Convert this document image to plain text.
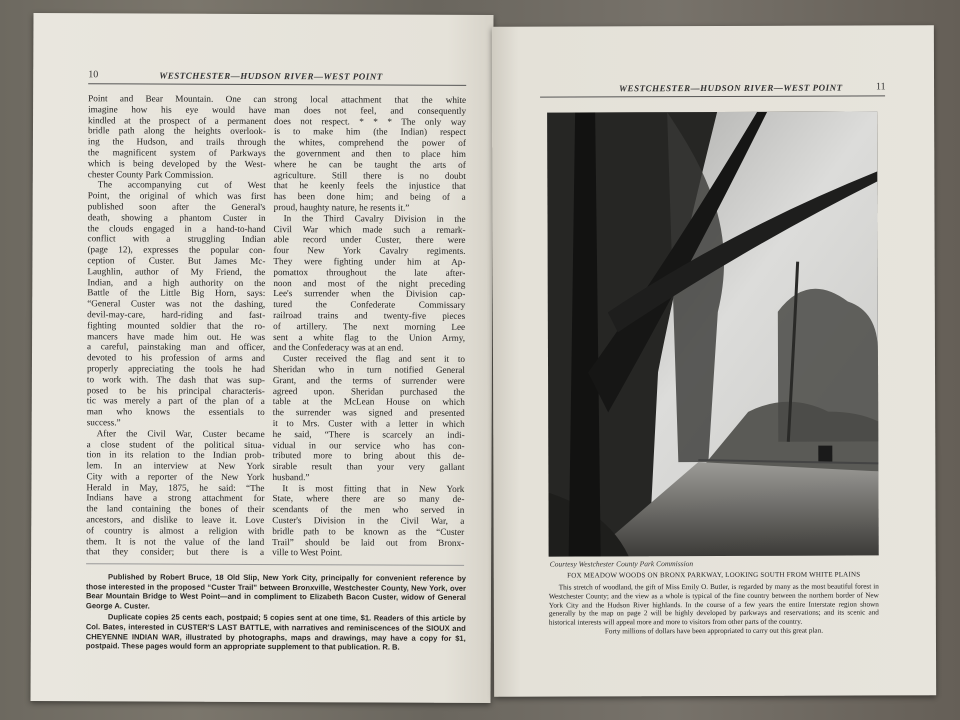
10	WESTCHESTER—HUDSON RIVER—WEST POINT
Point and Bear Mountain. One can
imagine how his eye would have
kindled at the prospect of a permanent
bridle path along the heights overlook-
ing the Hudson, and trails through
the magnificent system of Parkways
which is being developed by the West-
chester County Park Commission.
The accompanying cut of West
Point, the original of which was first
published soon after the General's
death, showing a phantom Custer in
the clouds engaged in a hand-to-hand
conflict with a struggling Indian
(page 12), expresses the popular con-
ception of Custer. But James Mc-
Laughlin, author of My Friend, the
Indian, and a high authority on the
Battle of the Little Big Horn, says:
“General Custer was not the dashing,
devil-may-care, hard-riding and fast-
fighting mounted soldier that the ro-
mancers have made him out. He was
a careful, painstaking man and officer,
devoted to his profession of arms and
properly appreciating the tools he had
to work with. The dash that was sup-
posed to be his principal characteris-
tic was merely a part of the plan of a
man who knows the essentials to
success.”
After the Civil War, Custer became
a close student of the political situa-
tion in its relation to the Indian prob-
lem. In an interview at New York
City with a reporter of the New York
Herald in May, 1875, he said: “The
Indians have a strong attachment for
the land containing the bones of their
ancestors, and dislike to leave it. Love
of country is almost a religion with
them. It is not the value of the land
that they consider; but there is a
strong local attachment that the white
man does not feel, and consequently
does not respect. * * * The only way
is to make him (the Indian) respect
the whites, comprehend the power of
the government and then to place him
where he can be taught the arts of
agriculture. Still there is no doubt
that he keenly feels the injustice that
has been done him; and being of a
proud, haughty nature, he resents it.”
In the Third Cavalry Division in the
Civil War which made such a remark-
able record under Custer, there were
four New York Cavalry regiments.
They were fighting under him at Ap-
pomattox throughout the late after-
noon and most of the night preceding
Lee's surrender when the Division cap-
tured the Confederate Commissary
railroad trains and twenty-five pieces
of artillery. The next morning Lee
sent a white flag to the Union Army,
and the Confederacy was at an end.
Custer received the flag and sent it to
Sheridan who in turn notified General
Grant, and the terms of surrender were
agreed upon. Sheridan purchased the
table at the McLean House on which
the surrender was signed and presented
it to Mrs. Custer with a letter in which
he said, “There is scarcely an indi-
vidual in our service who has con-
tributed more to bring about this de-
sirable result than your very gallant
husband.”
It is most fitting that in New York
State, where there are so many de-
scendants of the men who served in
Custer's Division in the Civil War, a
bridle path to be known as the “Custer
Trail” should be laid out from Bronx-
ville to West Point.

Published by Robert Bruce, 18 Old Slip, New York City, principally for convenient reference by those interested in the proposed “Custer Trail” between Bronxville, Westchester County, New York, over Bear Mountain Bridge to West Point—and in compliment to Elizabeth Bacon Custer, widow of General George A. Custer.

Duplicate copies 25 cents each, postpaid; 5 copies sent at one time, $1. Readers of this article by Col. Bates, interested in CUSTER'S LAST BATTLE, with narratives and reminiscences of the SIOUX and CHEYENNE INDIAN WAR, illustrated by photographs, maps and drawings, may have a copy for $1, postpaid. These pages would form an appropriate supplement to that publication. R. B.

WESTCHESTER—HUDSON RIVER—WEST POINT	11
Courtesy Westchester County Park Commission
FOX MEADOW WOODS ON BRONX PARKWAY, LOOKING SOUTH FROM WHITE PLAINS
This stretch of woodland, the gift of Miss Emily O. Butler, is regarded by many as the most beautiful forest in Westchester County; and the view as a whole is typical of the fine country between the northern border of New York City and the Hudson River highlands. In the course of a few years the entire Interstate region shown generally by the map on page 2 will be highly developed by parkways and reservations; and its scenic and historical interests will appeal more and more to visitors from other parts of the country.
Forty millions of dollars have been appropriated to carry out this great plan.
